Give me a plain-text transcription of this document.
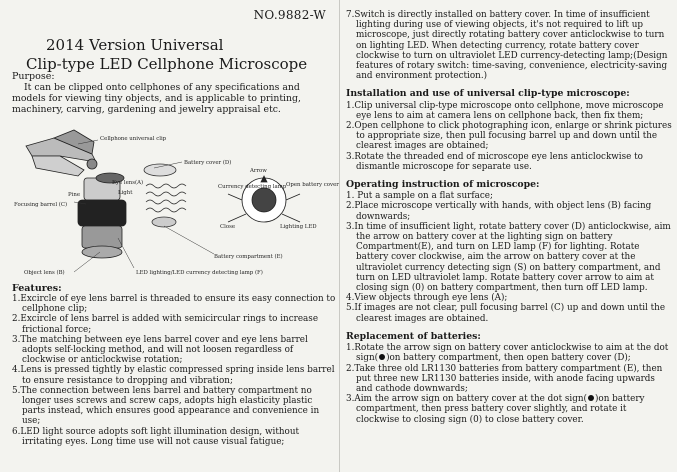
NO.9882-W
2014 Version Universal
Clip-type LED Cellphone Microscope
Purpose:
It can be clipped onto cellphones of any specifications and models for viewing tiny objects, and is applicable to printing, machinery, carving, gardening and jewelry appraisal etc.
Cellphone universal clip
Battery cover (D)
Eye lens(A)
Arrow
Pine	Light
Currency detecting lamp Open battery cover
Focusing barrel (C)
Close	Lighting LED
Object lens (B)	LED lighting/LED currency detecting lamp (F)
Battery compartment (E)
Features:
1.Excircle of eye lens barrel is threaded to ensure its easy connection to cellphone clip;
2.Excircle of lens barrel is added with semicircular rings to increase frictional force;
3.The matching between eye lens barrel cover and eye lens barrel adopts self-locking method, and will not loosen regardless of clockwise or anticlockwise rotation;
4.Lens is pressed tightly by elastic compressed spring inside lens barrel to ensure resistance to dropping and vibration;
5.The connection between lens barrel and battery compartment no longer uses screws and screw caps, adopts high elasticity plastic parts instead, which ensures good appearance and convenience in use;
6.LED light source adopts soft light illumination design, without irritating eyes. Long time use will not cause visual fatigue;
7.Switch is directly installed on battery cover. In time of insufficient lighting during use of viewing objects, it's not required to lift up microscope, just directly rotating battery cover anticlockwise to turn on lighting LED. When detecting currency, rotate battery cover clockwise to turn on ultraviolet LED currency-detecting lamp;(Design features of rotary switch: time-saving, convenience, electricity-saving and environment protection.)
Installation and use of universal clip-type microscope:
1.Clip universal clip-type microscope onto cellphone, move microscope eye lens to aim at camera lens on cellphone back, then fix them;
2.Open cellphone to click photographing icon, enlarge or shrink pictures to appropriate size, then pull focusing barrel up and down until the clearest images are obtained;
3.Rotate the threaded end of microscope eye lens anticlockwise to dismantle microscope for separate use.
Operating instruction of microscope:
1. Put a sample on a flat surface;
2.Place microscope vertically with hands, with object lens (B) facing downwards;
3.In time of insufficient light, rotate battery cover (D) anticlockwise, aim the arrow on battery cover at the lighting sign on battery Compartment(E), and turn on LED lamp (F) for lighting. Rotate battery cover clockwise, aim the arrow on battery cover at the ultraviolet currency detecting sign (S) on battery compartment, and turn on LED ultraviolet lamp. Rotate battery cover arrow to aim at closing sign (0) on battery compartment, then turn off LED lamp.
4.View objects through eye lens (A);
5.If images are not clear, pull focusing barrel (C) up and down until the clearest images are obtained.
Replacement of batteries:
1.Rotate the arrow sign on battery cover anticlockwise to aim at the dot sign( )on battery compartment, then open battery cover (D);
2.Take three old LR1130 batteries from battery compartment (E), then put three new LR1130 batteries inside, with anode facing upwards and cathode downwards;
3.Aim the arrow sign on battery cover at the dot sign( )on battery compartment, then press battery cover slightly, and rotate it clockwise to closing sign (0) to close battery cover.
